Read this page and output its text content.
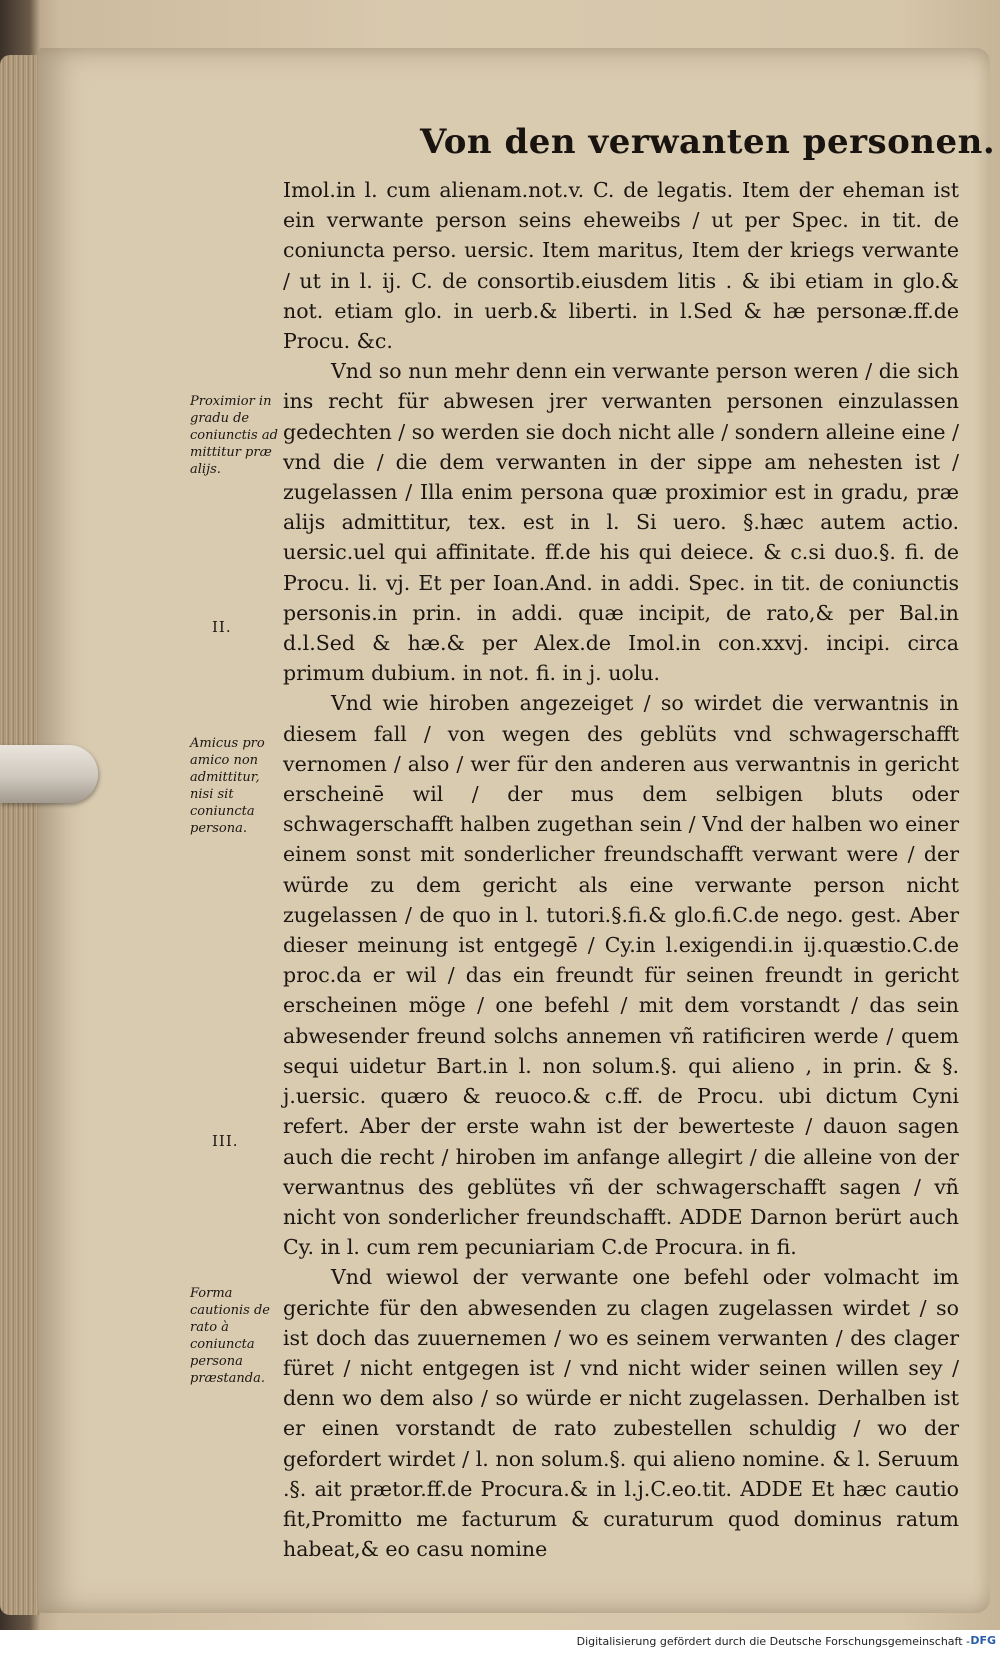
Von den verwanten personen.

Imol.in l. cum alienam.not.v. C. de legatis. Item der eheman ist ein verwante person seins eheweibs / ut per Spec. in tit. de coniuncta perso. uersic. Item maritus, Item der kriegs verwante / ut in l. ij. C. de consortib.eiusdem litis . & ibi etiam in glo.& not. etiam glo. in uerb.& liberti. in l.Sed & hæ personæ.ff.de Procu. &c.

Vnd so nun mehr denn ein verwante person weren / die sich ins recht für abwesen jrer verwanten personen einzulassen gedechten / so werden sie doch nicht alle / sondern alleine eine / vnd die / die dem verwanten in der sippe am nehesten ist / zugelassen / Illa enim persona quæ proximior est in gradu, præ alijs admittitur, tex. est in l. Si uero. §.hæc autem actio. uersic.uel qui affinitate. ff.de his qui deiece. & c.si duo.§. fi. de Procu. li. vj. Et per Ioan.And. in addi. Spec. in tit. de coniunctis personis.in prin. in addi. quæ incipit, de rato,& per Bal.in d.l.Sed & hæ.& per Alex.de Imol.in con.xxvj. incipi. circa primum dubium. in not. fi. in j. uolu.

Vnd wie hiroben angezeiget / so wirdet die verwantnis in diesem fall / von wegen des geblüts vnd schwagerschafft vernomen / also / wer für den anderen aus verwantnis in gericht erscheinē wil / der mus dem selbigen bluts oder schwagerschafft halben zugethan sein / Vnd der halben wo einer einem sonst mit sonderlicher freundschafft verwant were / der würde zu dem gericht als eine verwante person nicht zugelassen / de quo in l. tutori.§.fi.& glo.fi.C.de nego. gest. Aber dieser meinung ist entgegē / Cy.in l.exigendi.in ij.quæstio.C.de proc.da er wil / das ein freundt für seinen freundt in gericht erscheinen möge / one befehl / mit dem vorstandt / das sein abwesender freund solchs annemen vñ ratificiren werde / quem sequi uidetur Bart.in l. non solum.§. qui alieno , in prin. & §. j.uersic. quæro & reuoco.& c.ff. de Procu. ubi dictum Cyni refert. Aber der erste wahn ist der bewerteste / dauon sagen auch die recht / hiroben im anfange allegirt / die alleine von der verwantnus des geblütes vñ der schwagerschafft sagen / vñ nicht von sonderlicher freundschafft. ADDE Darnon berürt auch Cy. in l. cum rem pecuniariam C.de Procura. in fi.

Vnd wiewol der verwante one befehl oder volmacht im gerichte für den abwesenden zu clagen zugelassen wirdet / so ist doch das zuuernemen / wo es seinem verwanten / des clager füret / nicht entgegen ist / vnd nicht wider seinen willen sey / denn wo dem also / so würde er nicht zugelassen. Derhalben ist er einen vorstandt de rato zubestellen schuldig / wo der gefordert wirdet / l. non solum.§. qui alieno nomine. & l. Seruum .§. ait prætor.ff.de Procura.& in l.j.C.eo.tit. ADDE Et hæc cautio fit,Promitto me facturum & curaturum quod dominus ratum habeat,& eo casu nomine

Proximior in gradu de coniunctis ad mittitur præ alijs.
II.
Amicus pro amico non admittitur, nisi sit coniuncta persona.
III.
Forma cautionis de rato à coniuncta persona præstanda.
Digitalisierung gefördert durch die Deutsche Forschungsgemeinschaft - DFG
